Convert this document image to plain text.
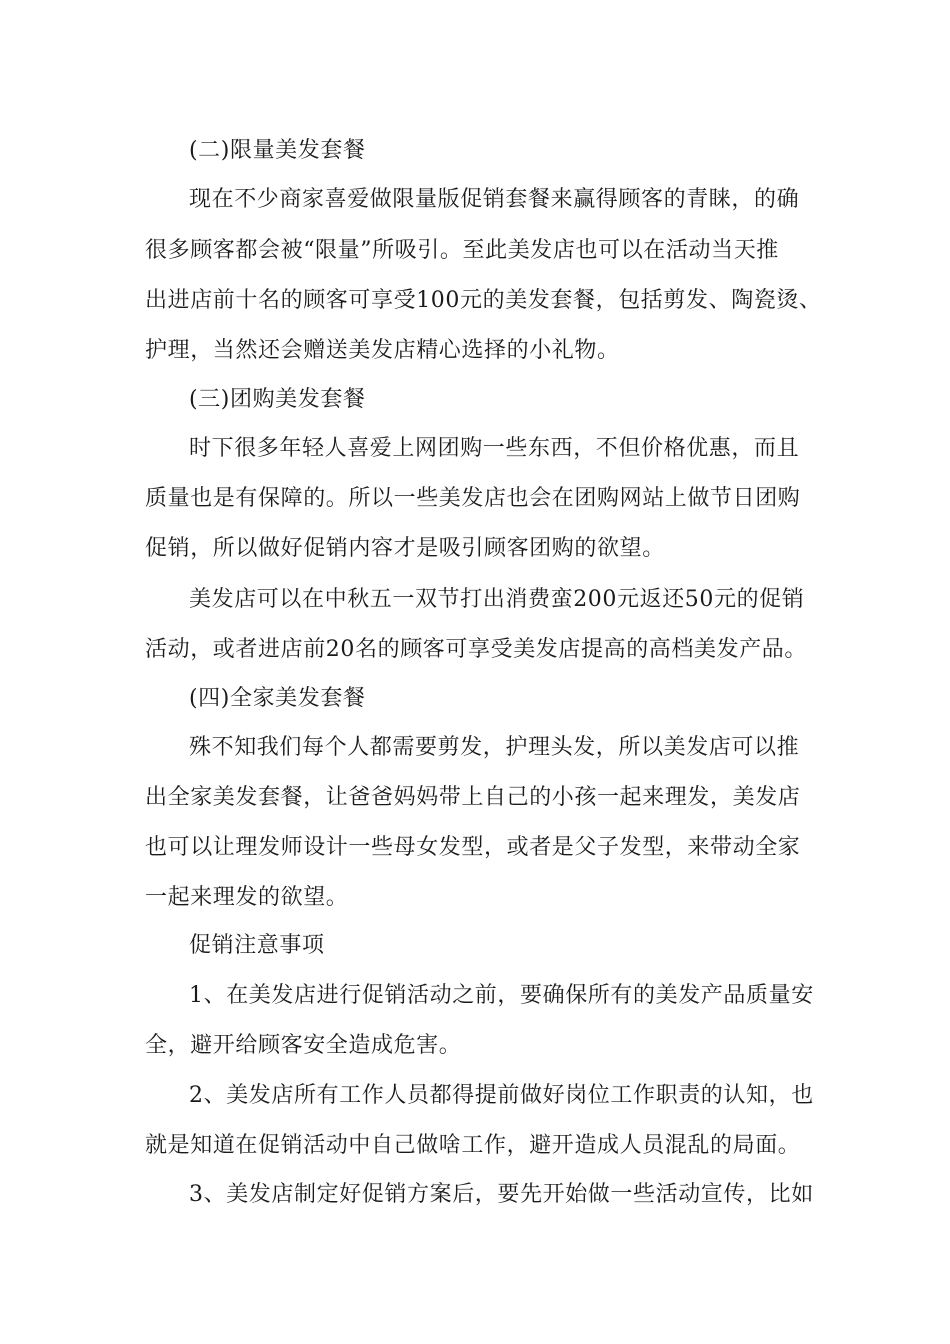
(二)限量美发套餐

现在不少商家喜爱做限量版促销套餐来赢得顾客的青睐，的确

很多顾客都会被“限量”所吸引。至此美发店也可以在活动当天推

出进店前十名的顾客可享受100元的美发套餐，包括剪发、陶瓷烫、

护理，当然还会赠送美发店精心选择的小礼物。

(三)团购美发套餐

时下很多年轻人喜爱上网团购一些东西，不但价格优惠，而且

质量也是有保障的。所以一些美发店也会在团购网站上做节日团购

促销，所以做好促销内容才是吸引顾客团购的欲望。

美发店可以在中秋五一双节打出消费蛮200元返还50元的促销

活动，或者进店前20名的顾客可享受美发店提高的高档美发产品。

(四)全家美发套餐

殊不知我们每个人都需要剪发，护理头发，所以美发店可以推

出全家美发套餐，让爸爸妈妈带上自己的小孩一起来理发，美发店

也可以让理发师设计一些母女发型，或者是父子发型，来带动全家

一起来理发的欲望。

促销注意事项

1、在美发店进行促销活动之前，要确保所有的美发产品质量安

全，避开给顾客安全造成危害。

2、美发店所有工作人员都得提前做好岗位工作职责的认知，也

就是知道在促销活动中自己做啥工作，避开造成人员混乱的局面。

3、美发店制定好促销方案后，要先开始做一些活动宣传，比如
